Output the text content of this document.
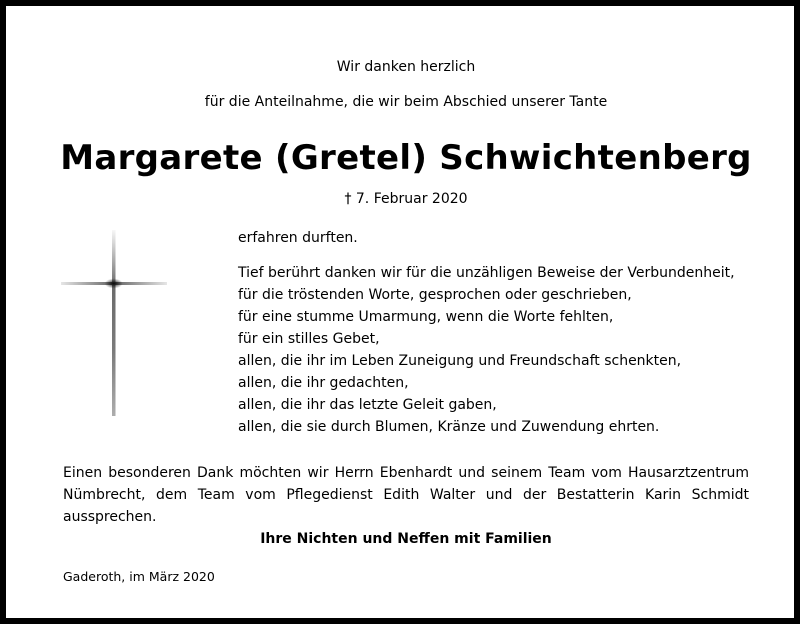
Wir danken herzlich
für die Anteilnahme, die wir beim Abschied unserer Tante
Margarete (Gretel) Schwichtenberg
† 7. Februar 2020
erfahren durften.

Tief berührt danken wir für die unzähligen Beweise der Verbundenheit,

für die tröstenden Worte, gesprochen oder geschrieben,

für eine stumme Umarmung, wenn die Worte fehlten,

für ein stilles Gebet,

allen, die ihr im Leben Zuneigung und Freundschaft schenkten,

allen, die ihr gedachten,

allen, die ihr das letzte Geleit gaben,

allen, die sie durch Blumen, Kränze und Zuwendung ehrten.

Einen besonderen Dank möchten wir Herrn Ebenhardt und seinem Team vom Hausarztzentrum Nümbrecht, dem Team vom Pflegedienst Edith Walter und der Bestatterin Karin Schmidt aussprechen.
Ihre Nichten und Neffen mit Familien
Gaderoth, im März 2020
